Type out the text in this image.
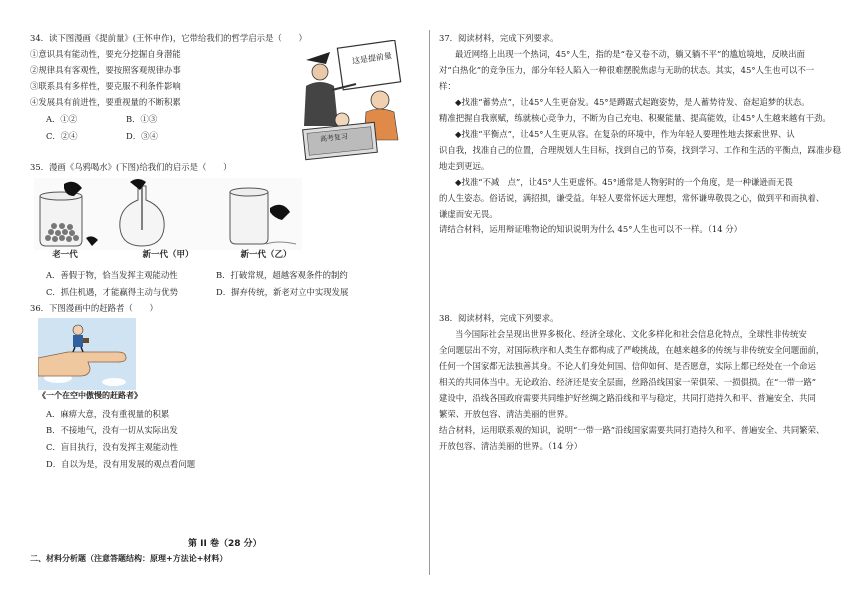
34．读下图漫画《提前量》(王怀申作)，它带给我们的哲学启示是（　　）
①意识具有能动性，要充分挖掘自身潜能
②规律具有客观性，要按照客观规律办事
③联系具有多样性，要克服不利条件影响
④发展具有前进性，要重视量的不断积累
A．①②	B．①③
C．②④	D．③④
这是提前量
高考复习
35．漫画《乌鸦喝水》(下图)给我们的启示是（　　）
老一代	新一代（甲）	新一代（乙）
A．善假于物，恰当发挥主观能动性	B．打破常规，超越客观条件的制约
C．抓住机遇，才能赢得主动与优势	D．摒弃传统，新老对立中实现发展
36．下图漫画中的赶路者（　　）
《一个在空中傲慢的赶路者》
A．麻痹大意，没有重视量的积累
B．不接地气，没有一切从实际出发
C．盲目执行，没有发挥主观能动性
D．自以为是，没有用发展的观点看问题
第 II 卷（28 分）
二、材料分析题（注意答题结构：原理+方法论+材料）
37．阅读材料，完成下列要求。
最近网络上出现一个热词，45°人生，指的是“卷又卷不动，躺又躺不平”的尴尬境地，反映出面
对“白热化”的竞争压力，部分年轻人陷入一种很难摆脱焦虑与无助的状态。其实，45°人生也可以不一
样：
◆找准“蓄势点”，让45°人生更奋发。45°是蹲踞式起跑姿势，是人蓄势待发、奋起追梦的状态。
精准把握自我禀赋，练就核心竞争力，不断为自己充电、积聚能量、提高能效，让45°人生越来越有干劲。
◆找准“平衡点”，让45°人生更从容。在复杂的环境中，作为年轻人要理性地去探索世界、认
识自我，找准自己的位置，合理规划人生目标，找到自己的节奏，找到学习、工作和生活的平衡点，踩准步稳
地走到更远。
◆找准“不减　点”，让45°人生更虚怀。45°通常是人物躬时的一个角度，是一种谦逊而无畏
的人生姿态。俗话说，满招损，谦受益。年轻人要常怀远大理想，常怀谦卑敬畏之心，做到平和而执着、
谦虚而安无畏。
请结合材料，运用辩证唯物论的知识说明为什么 45°人生也可以不一样。（14 分）
38．阅读材料，完成下列要求。
当今国际社会呈现出世界多极化、经济全球化、文化多样化和社会信息化特点，全球性非传统安
全问题层出不穷，对国际秩序和人类生存都构成了严峻挑战，在越来越多的传统与非传统安全问题面前，
任何一个国家都无法独善其身。不论人们身处何国、信仰如何、是否愿意，实际上都已经处在一个命运
相关的共同体当中。无论政治、经济还是安全层面，丝路沿线国家一荣俱荣、一损俱损。在“一带一路”
建设中，沿线各国政府需要共同维护好丝绸之路沿线和平与稳定，共同打造持久和平、普遍安全、共同
繁荣、开放包容、清洁美丽的世界。
结合材料，运用联系观的知识，说明“一带一路”沿线国家需要共同打造持久和平、普遍安全、共同繁荣、
开放包容、清洁美丽的世界。（14 分）
